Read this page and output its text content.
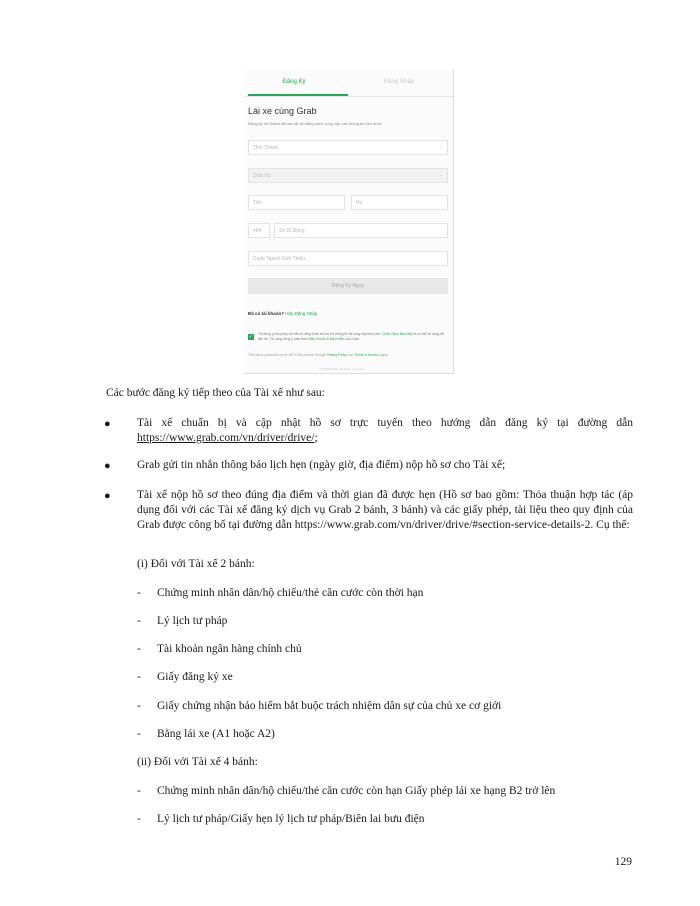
Đăng Ký	Đăng Nhập
Lái xe cùng Grab
Đăng ký trở thành đối tác tài xế bằng cách cung cấp các thông tin bên dưới
Tỉnh Thành	⌄
Dịch Vụ	⌄
Tên	Họ
+84	Số Di Động
Code Người Giới Thiệu
Đăng Ký Ngay
Đã có tài khoản? Hãy Đăng Nhập
✓ Tôi đồng ý cho phép và hiểu rõ rằng Grab sẽ lưu trữ thông tin tôi cung cấp theo như Chính Sách Bảo Mật và có thể sử dụng để liên hệ. Tôi cũng đồng ý tuân theo Điều Khoản & Điều Kiện của Grab.
This site is protected by reCAPTCHA and the Google Privacy Policy and Terms of Service apply.
© GRAB 2019. All rights reserved
Các bước đăng ký tiếp theo của Tài xế như sau:
● Tài xế chuẩn bị và cập nhật hồ sơ trực tuyến theo hướng dẫn đăng ký tại đường dẫn https://www.grab.com/vn/driver/drive/;
● Grab gửi tin nhắn thông báo lịch hẹn (ngày giờ, địa điểm) nộp hồ sơ cho Tài xế;
● Tài xế nộp hồ sơ theo đúng địa điểm và thời gian đã được hẹn (Hồ sơ bao gồm: Thỏa thuận hợp tác (áp dụng đối với các Tài xế đăng ký dịch vụ Grab 2 bánh, 3 bánh) và các giấy phép, tài liệu theo quy định của Grab được công bố tại đường dẫn https://www.grab.com/vn/driver/drive/#section-service-details-2. Cụ thể:
(i) Đối với Tài xế 2 bánh:
- Chứng minh nhân dân/hộ chiếu/thẻ căn cước còn thời hạn
- Lý lịch tư pháp
- Tài khoản ngân hàng chính chủ
- Giấy đăng ký xe
- Giấy chứng nhận bảo hiểm bắt buộc trách nhiệm dân sự của chủ xe cơ giới
- Bằng lái xe (A1 hoặc A2)
(ii) Đối với Tài xế 4 bánh:
- Chứng minh nhân dân/hộ chiếu/thẻ căn cước còn hạn Giấy phép lái xe hạng B2 trở lên
- Lý lịch tư pháp/Giấy hẹn lý lịch tư pháp/Biên lai bưu điện
129
